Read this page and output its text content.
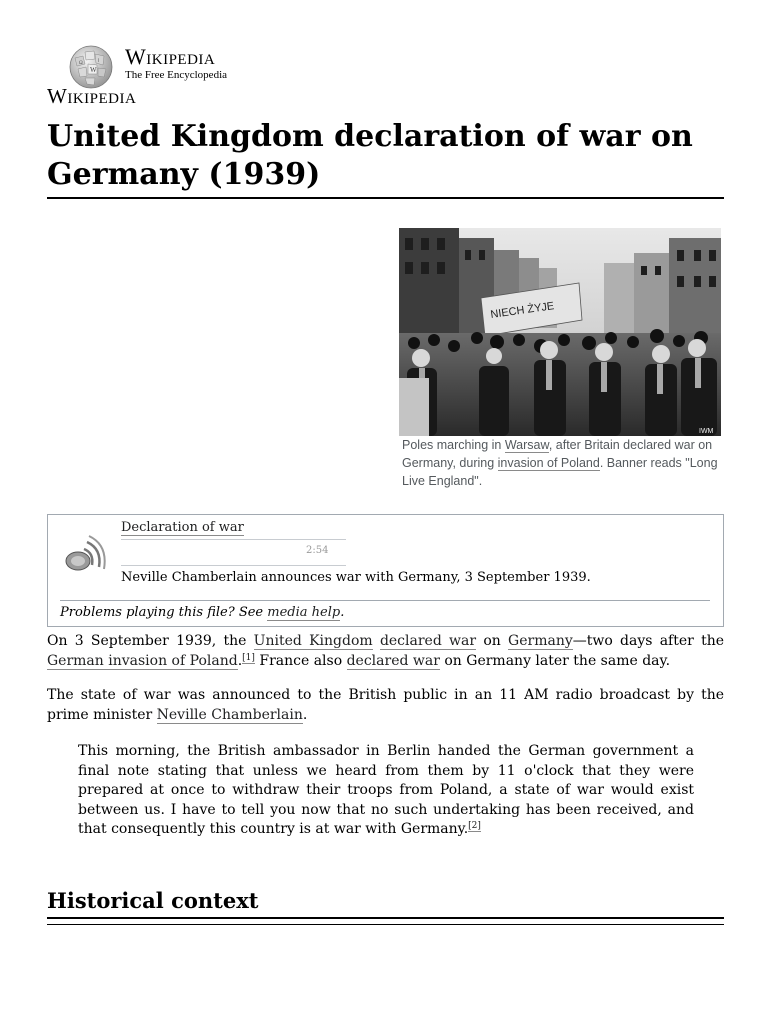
W
Ω	ا Wikipedia
The Free Encyclopedia
Wikipedia
United Kingdom declaration of war on Germany (1939)
NIECH ŻYJE
IWM
Poles marching in Warsaw, after Britain declared war on Germany, during invasion of Poland. Banner reads "Long Live England".
Declaration of war
2:54
Neville Chamberlain announces war with Germany, 3 September 1939.
Problems playing this file? See media help.

On 3 September 1939, the United Kingdom declared war on Germany—two days after the German invasion of Poland.[1] France also declared war on Germany later the same day.

The state of war was announced to the British public in an 11 AM radio broadcast by the prime minister Neville Chamberlain.

This morning, the British ambassador in Berlin handed the German government a final note stating that unless we heard from them by 11 o'clock that they were prepared at once to withdraw their troops from Poland, a state of war would exist between us. I have to tell you now that no such undertaking has been received, and that consequently this country is at war with Germany.[2]

Historical context
